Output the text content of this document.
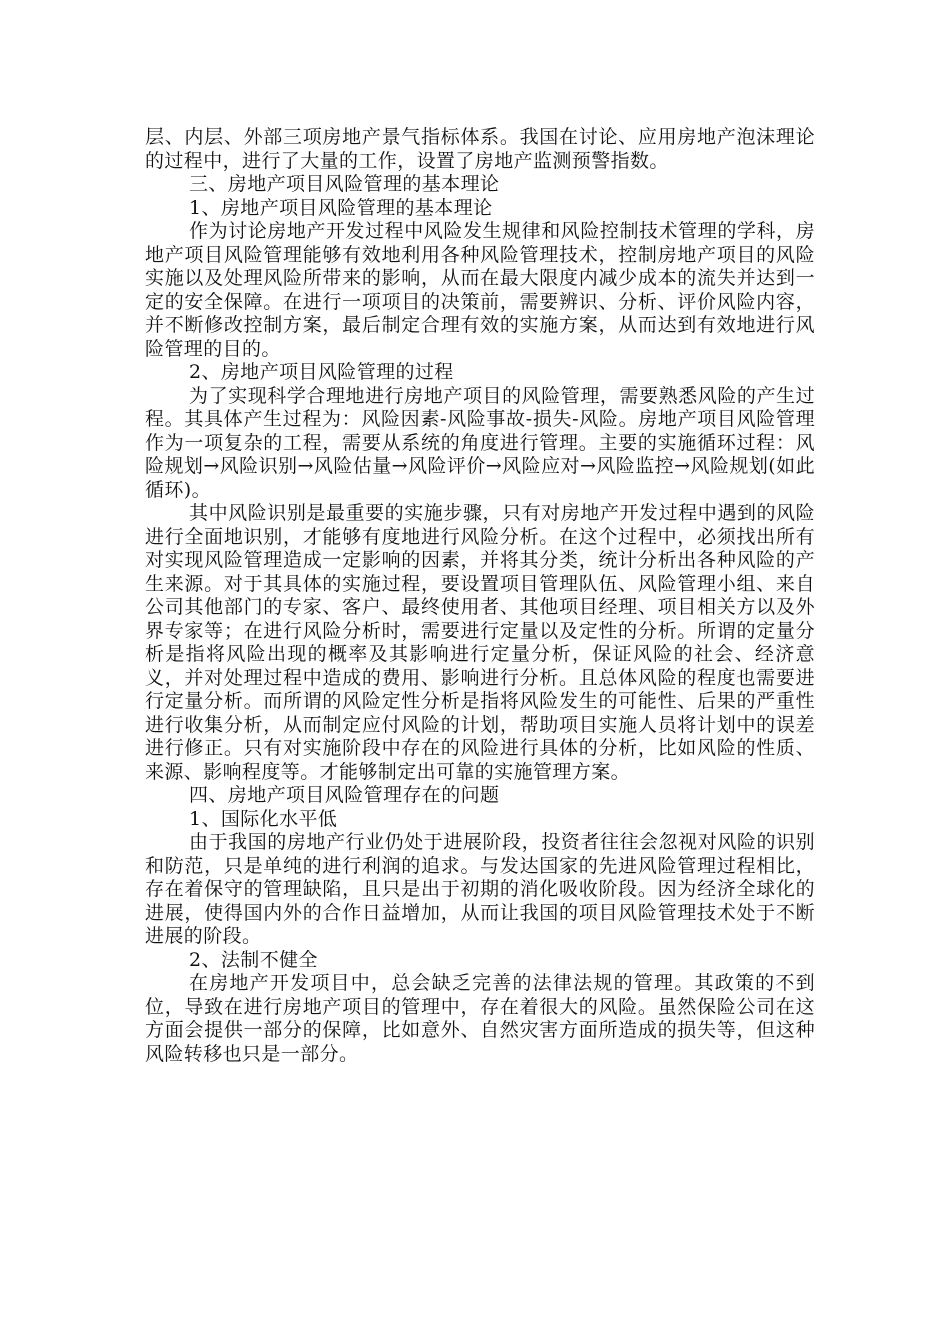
层、内层、外部三项房地产景气指标体系。我国在讨论、应用房地产泡沫理论的过程中，进行了大量的工作，设置了房地产监测预警指数。

三、房地产项目风险管理的基本理论

1、房地产项目风险管理的基本理论

作为讨论房地产开发过程中风险发生规律和风险控制技术管理的学科，房地产项目风险管理能够有效地利用各种风险管理技术，控制房地产项目的风险实施以及处理风险所带来的影响，从而在最大限度内减少成本的流失并达到一定的安全保障。在进行一项项目的决策前，需要辨识、分析、评价风险内容，并不断修改控制方案，最后制定合理有效的实施方案，从而达到有效地进行风险管理的目的。

2、房地产项目风险管理的过程

为了实现科学合理地进行房地产项目的风险管理，需要熟悉风险的产生过程。其具体产生过程为：风险因素-风险事故-损失-风险。房地产项目风险管理作为一项复杂的工程，需要从系统的角度进行管理。主要的实施循环过程：风险规划→风险识别→风险估量→风险评价→风险应对→风险监控→风险规划(如此循环)。

其中风险识别是最重要的实施步骤，只有对房地产开发过程中遇到的风险进行全面地识别，才能够有度地进行风险分析。在这个过程中，必须找出所有对实现风险管理造成一定影响的因素，并将其分类，统计分析出各种风险的产生来源。对于其具体的实施过程，要设置项目管理队伍、风险管理小组、来自公司其他部门的专家、客户、最终使用者、其他项目经理、项目相关方以及外界专家等；在进行风险分析时，需要进行定量以及定性的分析。所谓的定量分析是指将风险出现的概率及其影响进行定量分析，保证风险的社会、经济意义，并对处理过程中造成的费用、影响进行分析。且总体风险的程度也需要进行定量分析。而所谓的风险定性分析是指将风险发生的可能性、后果的严重性进行收集分析，从而制定应付风险的计划，帮助项目实施人员将计划中的误差进行修正。只有对实施阶段中存在的风险进行具体的分析，比如风险的性质、来源、影响程度等。才能够制定出可靠的实施管理方案。

四、房地产项目风险管理存在的问题

1、国际化水平低

由于我国的房地产行业仍处于进展阶段，投资者往往会忽视对风险的识别和防范，只是单纯的进行利润的追求。与发达国家的先进风险管理过程相比，存在着保守的管理缺陷，且只是出于初期的消化吸收阶段。因为经济全球化的进展，使得国内外的合作日益增加，从而让我国的项目风险管理技术处于不断进展的阶段。

2、法制不健全

在房地产开发项目中，总会缺乏完善的法律法规的管理。其政策的不到位，导致在进行房地产项目的管理中，存在着很大的风险。虽然保险公司在这方面会提供一部分的保障，比如意外、自然灾害方面所造成的损失等，但这种风险转移也只是一部分。
